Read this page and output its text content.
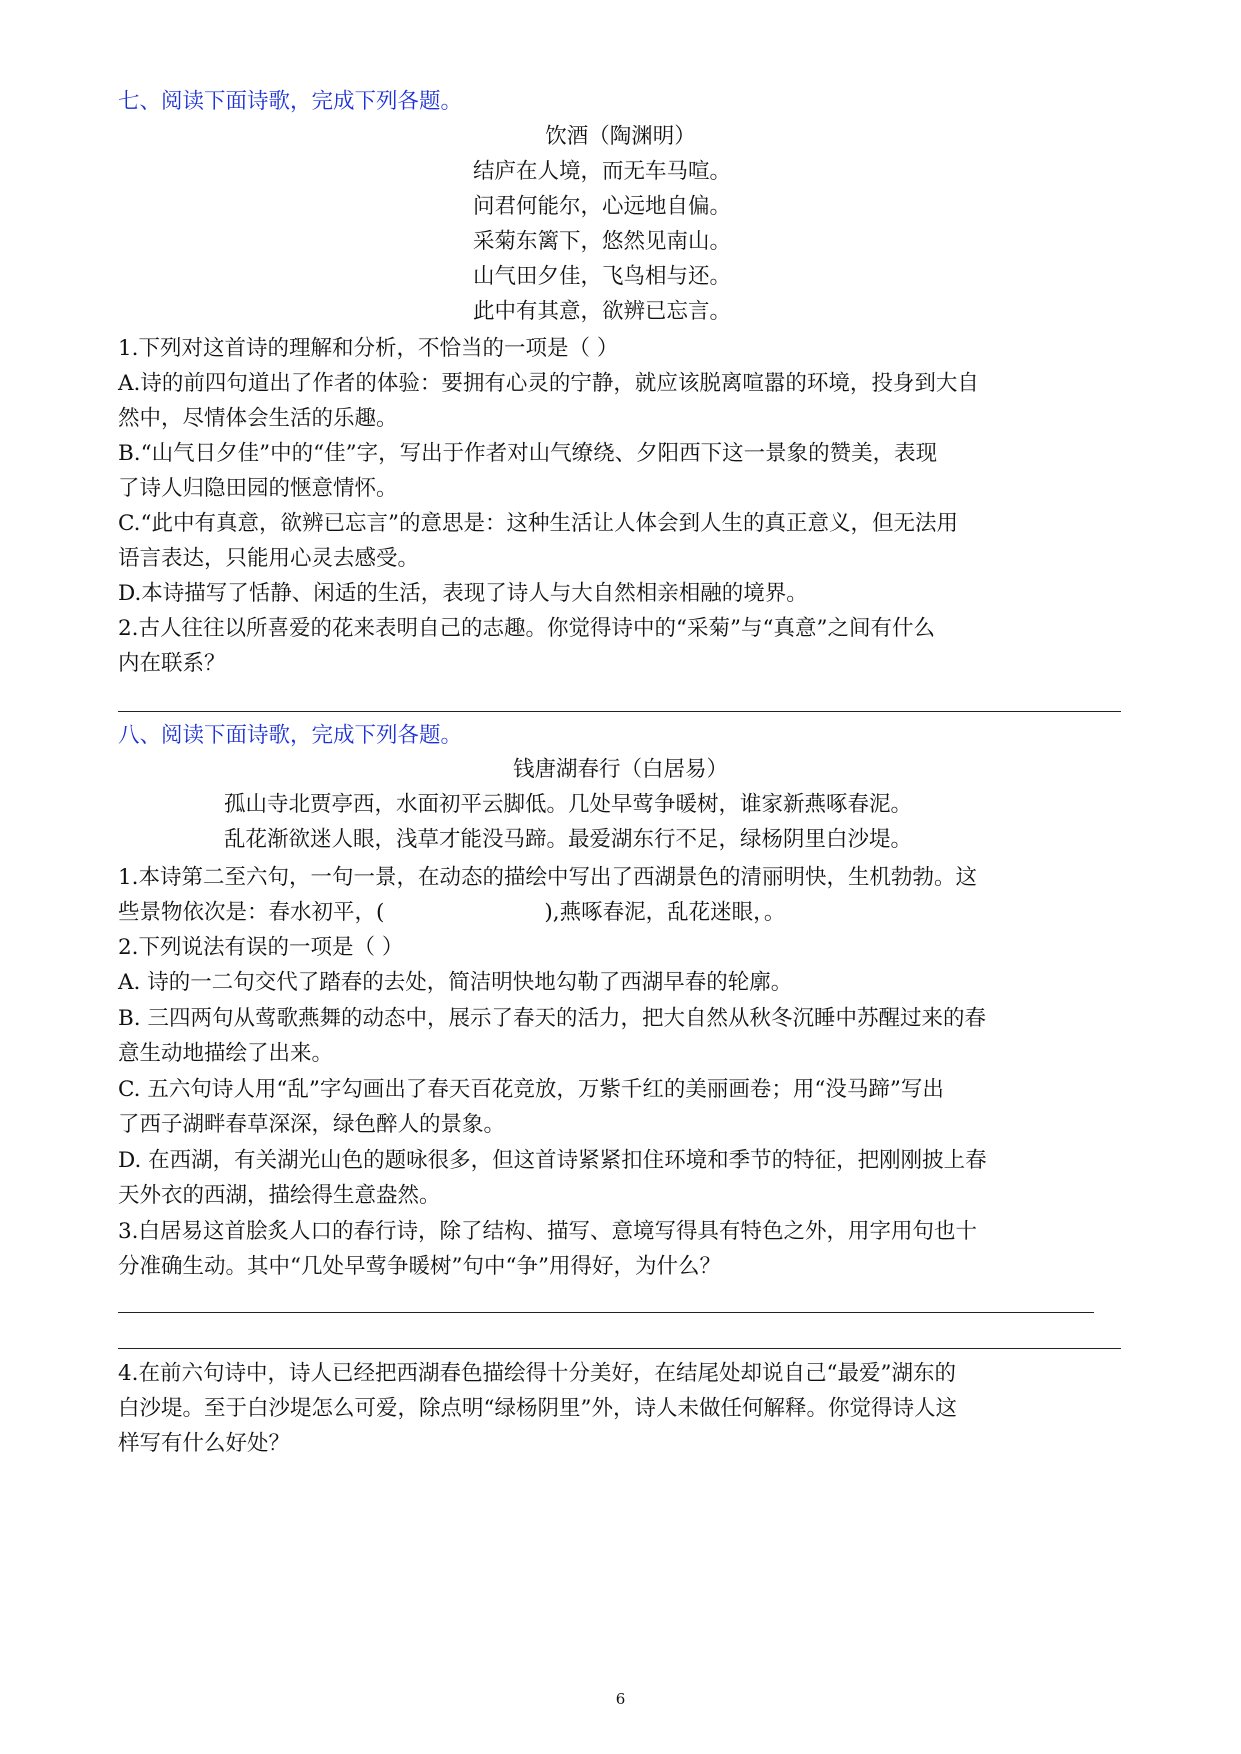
七、阅读下面诗歌，完成下列各题。
饮酒（陶渊明）
结庐在人境，而无车马喧。
问君何能尔，心远地自偏。
采菊东篱下，悠然见南山。
山气田夕佳，飞鸟相与还。
此中有其意，欲辨已忘言。
1.下列对这首诗的理解和分析，不恰当的一项是（ ）
A.诗的前四句道出了作者的体验：要拥有心灵的宁静，就应该脱离喧嚣的环境，投身到大自
然中，尽情体会生活的乐趣。
B.“山气日夕佳”中的“佳”字，写出于作者对山气缭绕、夕阳西下这一景象的赞美，表现
了诗人归隐田园的惬意情怀。
C.“此中有真意，欲辨已忘言”的意思是：这种生活让人体会到人生的真正意义，但无法用
语言表达，只能用心灵去感受。
D.本诗描写了恬静、闲适的生活，表现了诗人与大自然相亲相融的境界。
2.古人往往以所喜爱的花来表明自己的志趣。你觉得诗中的“采菊”与“真意”之间有什么
内在联系？
八、阅读下面诗歌，完成下列各题。
钱唐湖春行（白居易）
孤山寺北贾亭西，水面初平云脚低。几处早莺争暖树，谁家新燕啄春泥。
乱花渐欲迷人眼，浅草才能没马蹄。最爱湖东行不足，绿杨阴里白沙堤。
1.本诗第二至六句，一句一景，在动态的描绘中写出了西湖景色的清丽明快，生机勃勃。这
些景物依次是：春水初平，(	),燕啄春泥，乱花迷眼，。
2.下列说法有误的一项是（ ）
A. 诗的一二句交代了踏春的去处，简洁明快地勾勒了西湖早春的轮廓。
B. 三四两句从莺歌燕舞的动态中，展示了春天的活力，把大自然从秋冬沉睡中苏醒过来的春
意生动地描绘了出来。
C. 五六句诗人用“乱”字勾画出了春天百花竞放，万紫千红的美丽画卷；用“没马蹄”写出
了西子湖畔春草深深，绿色醉人的景象。
D. 在西湖，有关湖光山色的题咏很多，但这首诗紧紧扣住环境和季节的特征，把刚刚披上春
天外衣的西湖，描绘得生意盎然。
3.白居易这首脍炙人口的春行诗，除了结构、描写、意境写得具有特色之外，用字用句也十
分准确生动。其中“几处早莺争暖树”句中“争”用得好，为什么？
4.在前六句诗中，诗人已经把西湖春色描绘得十分美好，在结尾处却说自己“最爱”湖东的
白沙堤。至于白沙堤怎么可爱，除点明“绿杨阴里”外，诗人未做任何解释。你觉得诗人这
样写有什么好处？
6
